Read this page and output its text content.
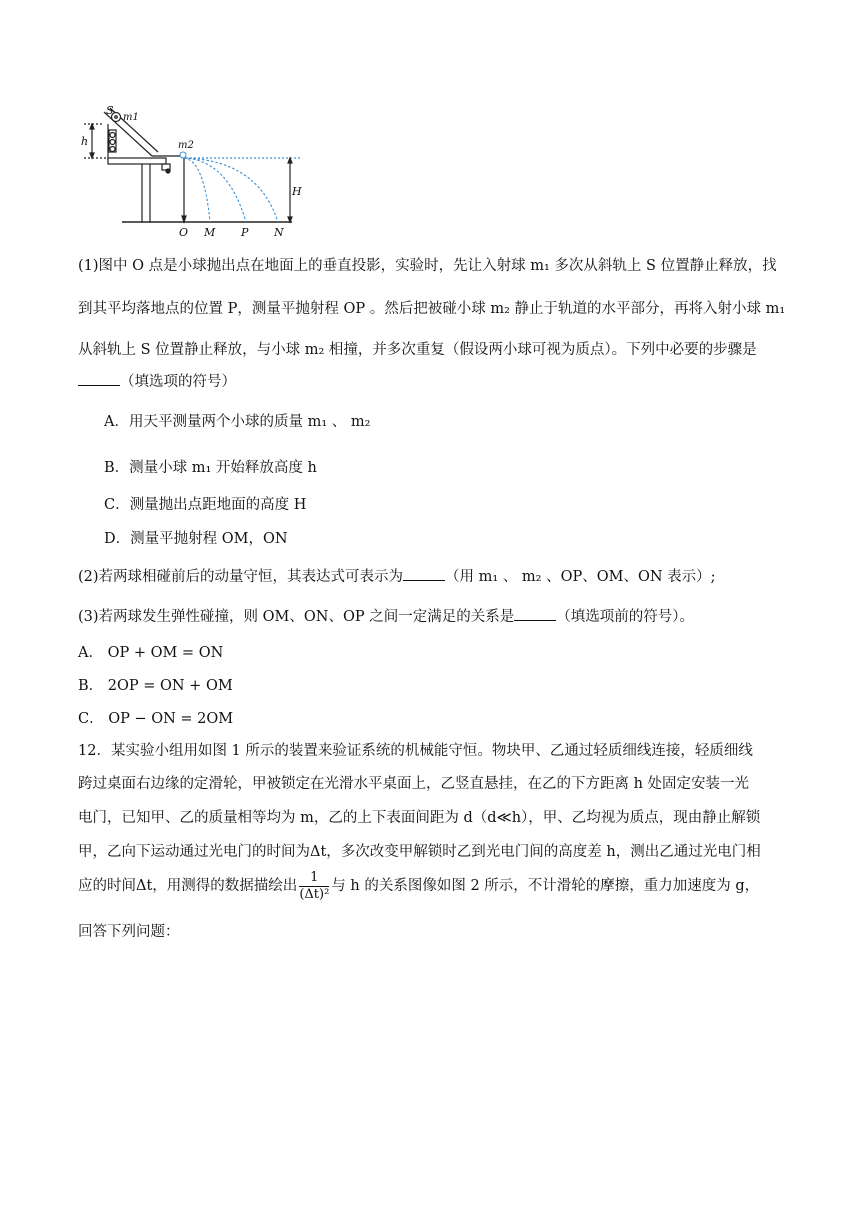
S
m1
m2
h
H
O M P N
(1)图中 O 点是小球抛出点在地面上的垂直投影，实验时，先让入射球 m₁ 多次从斜轨上 S 位置静止释放，找
到其平均落地点的位置 P，测量平抛射程 OP 。然后把被碰小球 m₂ 静止于轨道的水平部分，再将入射小球 m₁
从斜轨上 S 位置静止释放，与小球 m₂ 相撞，并多次重复（假设两小球可视为质点）。下列中必要的步骤是
（填选项的符号）
A．用天平测量两个小球的质量 m₁ 、 m₂
B．测量小球 m₁ 开始释放高度 h
C．测量抛出点距地面的高度 H
D．测量平抛射程 OM，ON
(2)若两球相碰前后的动量守恒，其表达式可表示为	（用 m₁ 、 m₂ 、OP、OM、ON 表示）;
(3)若两球发生弹性碰撞，则 OM、ON、OP 之间一定满足的关系是	（填选项前的符号）。
A． OP + OM = ON
B． 2OP = ON + OM
C． OP − ON = 2OM
12．某实验小组用如图 1 所示的装置来验证系统的机械能守恒。物块甲、乙通过轻质细线连接，轻质细线
跨过桌面右边缘的定滑轮，甲被锁定在光滑水平桌面上，乙竖直悬挂，在乙的下方距离 h 处固定安装一光
电门，已知甲、乙的质量相等均为 m，乙的上下表面间距为 d（d≪h），甲、乙均视为质点，现由静止解锁
甲，乙向下运动通过光电门的时间为Δt，多次改变甲解锁时乙到光电门间的高度差 h，测出乙通过光电门相
应的时间Δt，用测得的数据描绘出 $\frac{1}{\text{(Δt)²}}$ 与 h 的关系图像如图 2 所示，不计滑轮的摩擦，重力加速度为 g，
回答下列问题：
